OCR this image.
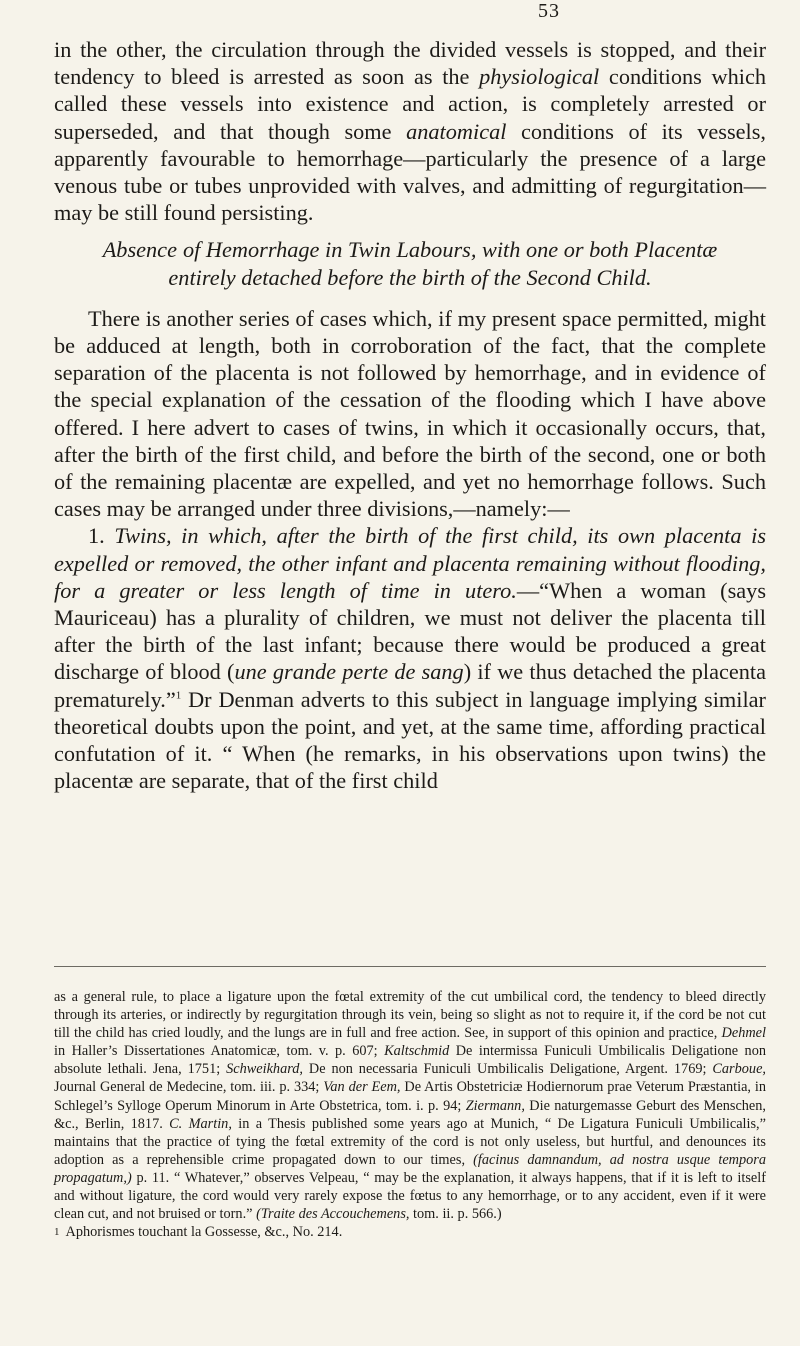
53

in the other, the circulation through the divided vessels is stopped, and their tendency to bleed is arrested as soon as the physiological conditions which called these vessels into existence and action, is completely arrested or superseded, and that though some anatomical conditions of its vessels, apparently favourable to hemorrhage—particularly the presence of a large venous tube or tubes unprovided with valves, and admitting of regurgitation—may be still found persisting.

Absence of Hemorrhage in Twin Labours, with one or both Placentæ entirely detached before the birth of the Second Child.

There is another series of cases which, if my present space permitted, might be adduced at length, both in corroboration of the fact, that the complete separation of the placenta is not followed by hemorrhage, and in evidence of the special explanation of the cessation of the flooding which I have above offered. I here advert to cases of twins, in which it occasionally occurs, that, after the birth of the first child, and before the birth of the second, one or both of the remaining placentæ are expelled, and yet no hemorrhage follows. Such cases may be arranged under three divisions,—namely:—

1. Twins, in which, after the birth of the first child, its own placenta is expelled or removed, the other infant and placenta remaining without flooding, for a greater or less length of time in utero.—“When a woman (says Mauriceau) has a plurality of children, we must not deliver the placenta till after the birth of the last infant; because there would be produced a great discharge of blood (une grande perte de sang) if we thus detached the placenta prematurely.”$^1$ Dr Denman adverts to this subject in language implying similar theoretical doubts upon the point, and yet, at the same time, affording practical confutation of it. “ When (he remarks, in his observations upon twins) the placentæ are separate, that of the first child

as a general rule, to place a ligature upon the fœtal extremity of the cut umbilical cord, the tendency to bleed directly through its arteries, or indirectly by regurgitation through its vein, being so slight as not to require it, if the cord be not cut till the child has cried loudly, and the lungs are in full and free action. See, in support of this opinion and practice, Dehmel in Haller’s Dissertationes Anatomicæ, tom. v. p. 607; Kaltschmid De intermissa Funiculi Umbilicalis Deligatione non absolute lethali. Jena, 1751; Schweikhard, De non necessaria Funiculi Umbilicalis Deligatione, Argent. 1769; Carboue, Journal General de Medecine, tom. iii. p. 334; Van der Eem, De Artis Obstetriciæ Hodiernorum prae Veterum Præstantia, in Schlegel’s Sylloge Operum Minorum in Arte Obstetrica, tom. i. p. 94; Ziermann, Die naturgemasse Geburt des Menschen, &c., Berlin, 1817. C. Martin, in a Thesis published some years ago at Munich, “ De Ligatura Funiculi Umbilicalis,” maintains that the practice of tying the fœtal extremity of the cord is not only useless, but hurtful, and denounces its adoption as a reprehensible crime propagated down to our times, (facinus damnandum, ad nostra usque tempora propagatum,) p. 11. “ Whatever,” observes Velpeau, “ may be the explanation, it always happens, that if it is left to itself and without ligature, the cord would very rarely expose the fœtus to any hemorrhage, or to any accident, even if it were clean cut, and not bruised or torn.” (Traite des Accouchemens, tom. ii. p. 566.)

$^1$ Aphorismes touchant la Gossesse, &c., No. 214.
